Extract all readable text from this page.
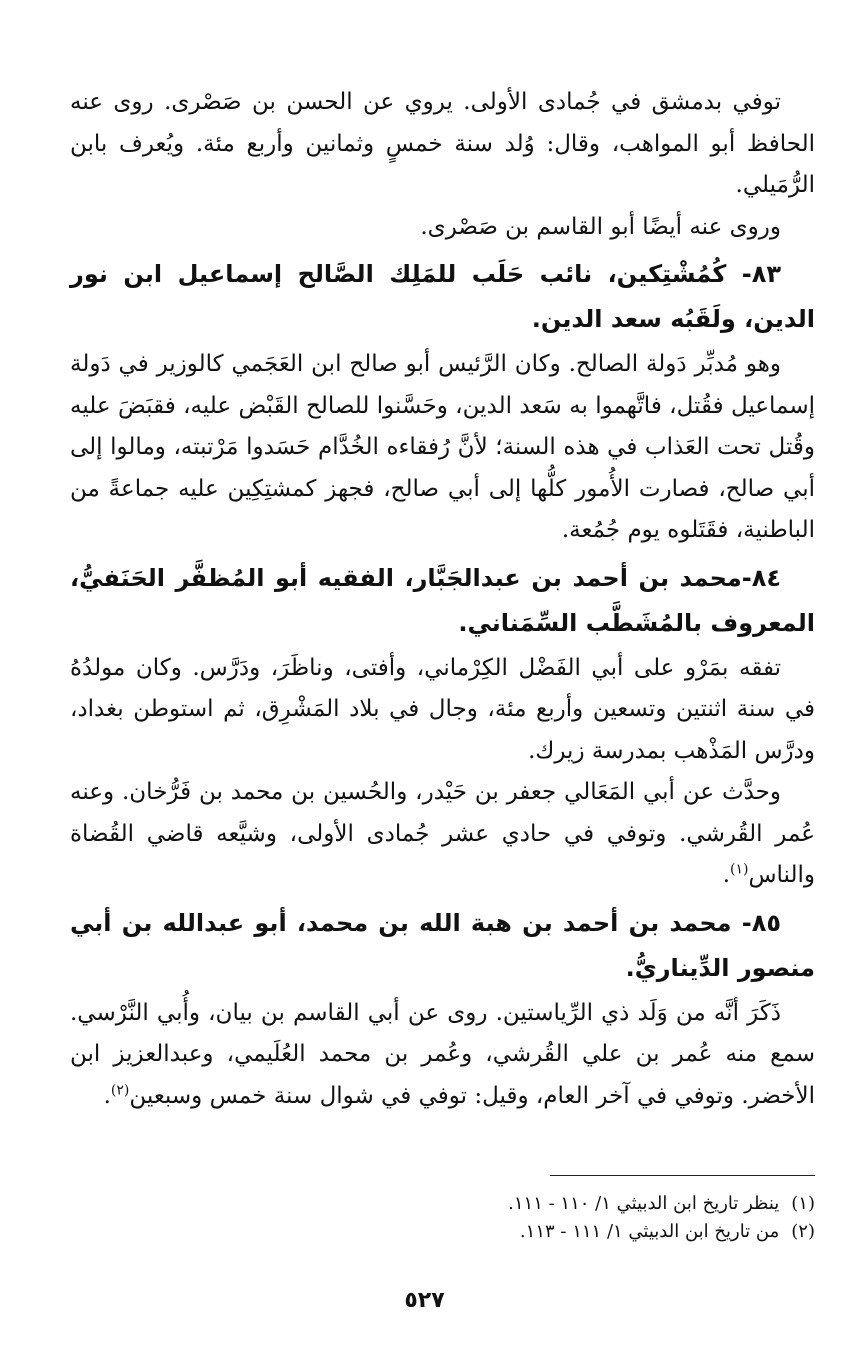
توفي بدمشق في جُمادى الأولى. يروي عن الحسن بن صَصْرى. روى عنه الحافظ أبو المواهب، وقال: وُلد سنة خمسٍ وثمانين وأربع مئة. ويُعرف بابن الرُّمَيلي.

وروى عنه أيضًا أبو القاسم بن صَصْرى.

٨٣- كُمُشْتِكين، نائب حَلَب للمَلِك الصَّالح إسماعيل ابن نور الدين، ولَقَبُه سعد الدين.

وهو مُدبِّر دَولة الصالح. وكان الرَّئيس أبو صالح ابن العَجَمي كالوزير في دَولة إسماعيل فقُتل، فاتَّهموا به سَعد الدين، وحَسَّنوا للصالح القَبْض عليه، فقبَضَ عليه وقُتل تحت العَذاب في هذه السنة؛ لأنَّ رُفقاءه الخُدَّام حَسَدوا مَرْتبته، ومالوا إلى أبي صالح، فصارت الأُمور كلُّها إلى أبي صالح، فجهز كمشتِكِين عليه جماعةً من الباطنية، فقَتَلوه يوم جُمُعة.

٨٤-محمد بن أحمد بن عبدالجَبَّار، الفقيه أبو المُظفَّر الحَنَفيُّ، المعروف بالمُشَطَّب السِّمَناني.

تفقه بمَرْو على أبي الفَضْل الكِرْماني، وأفتى، وناظَرَ، ودَرَّس. وكان مولدُهُ في سنة اثنتين وتسعين وأربع مئة، وجال في بلاد المَشْرِق، ثم استوطن بغداد، ودرَّس المَذْهب بمدرسة زيرك.

وحدَّث عن أبي المَعَالي جعفر بن حَيْدر، والحُسين بن محمد بن فَرُّخان. وعنه عُمر القُرشي. وتوفي في حادي عشر جُمادى الأولى، وشيَّعه قاضي القُضاة والناس$^{(١)}$.

٨٥- محمد بن أحمد بن هبة الله بن محمد، أبو عبدالله بن أبي منصور الدِّيناريُّ.

ذَكَرَ أنَّه من وَلَد ذي الرِّياستين. روى عن أبي القاسم بن بيان، وأُبي النَّرْسي. سمع منه عُمر بن علي القُرشي، وعُمر بن محمد العُلَيمي، وعبدالعزيز ابن الأخضر. وتوفي في آخر العام، وقيل: توفي في شوال سنة خمس وسبعين$^{(٢)}$.

(١)
ينظر تاريخ ابن الدبيثي ١/ ١١٠ - ١١١.
(٢)
من تاريخ ابن الدبيثي ١/ ١١١ - ١١٣.
٥٢٧
